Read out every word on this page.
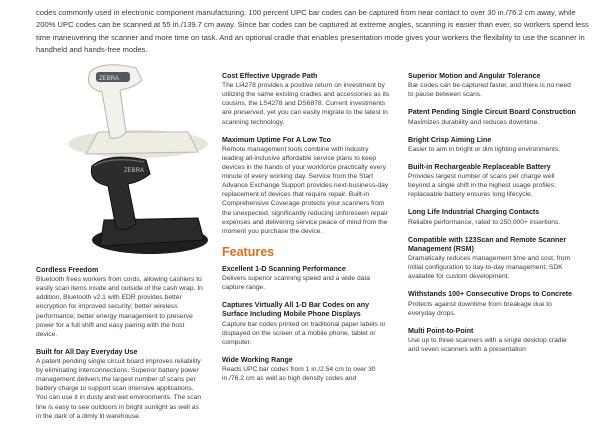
codes commonly used in electronic component manufacturing. 100 percent UPC bar codes can be captured from near contact to over 30 in./76.2 cm away, while 200% UPC codes can be scanned at 55 in./139.7 cm away. Since bar codes can be captured at extreme angles, scanning is easier than ever, so workers spend less time maneuvering the scanner and more time on task. And an optional cradle that enables presentation mode gives your workers the flexibility to use the scanner in handheld and hands-free modes.

ZEBRA
ZEBRA
Cordless Freedom

Bluetooth frees workers from cords, allowing cashiers to easily scan items inside and outside of the cash wrap. In addition, Bluetooth v2.1 with EDR provides better encryption for improved security; better wireless performance; better energy management to preserve power for a full shift and easy pairing with the host device.

Built for All Day Everyday Use

A patent pending single circuit board improves reliability by eliminating interconnections. Superior battery power management delivers the largest number of scans per battery charge to support scan intensive applications. You can use it in dusty and wet environments. The scan line is easy to see outdoors in bright sunlight as well as in the dark of a dimly lit warehouse.

Cost Effective Upgrade Path

The LI4278 provides a positive return on investment by utilizing the same existing cradles and accessories as its cousins, the LS4278 and DS6878. Current investments are preserved, yet you can easily migrate to the latest in scanning technology.

Maximum Uptime For A Low Tco

Remote management tools combine with industry leading all-inclusive affordable service plans to keep devices in the hands of your workforce practically every minute of every working day. Service from the Start Advance Exchange Support provides next-business-day replacement of devices that require repair. Built-in Comprehensive Coverage protects your scanners from the unexpected, significantly reducing unforeseen repair expenses and delivering service peace of mind from the moment you purchase the device.

Features
Excellent 1-D Scanning Performance

Delivers superior scanning speed and a wide data capture range.

Captures Virtually All 1-D Bar Codes on any Surface Including Mobile Phone Displays

Capture bar codes printed on traditional paper labels or displayed on the screen of a mobile phone, tablet or computer.

Wide Working Range

Reads UPC bar codes from 1 in./2.54 cm to over 30 in./76.2 cm as well as high density codes and

Superior Motion and Angular Tolerance

Bar codes can be captured faster, and there is no need to pause between scans.

Patent Pending Single Circuit Board Construction

Maximizes durability and reduces downtime.

Bright Crisp Aiming Line

Easier to aim in bright or dim lighting environments.

Built-in Rechargeable Replaceable Battery

Provides largest number of scans per charge well beyond a single shift in the highest usage profiles; replaceable battery ensures long lifecycle.

Long Life Industrial Charging Contacts

Reliable performance, rated to 250,000+ insertions.

Compatible with 123Scan and Remote Scanner Management (RSM)

Dramatically reduces management time and cost, from initial configuration to day-to-day management; SDK available for custom development.

Withstands 100+ Consecutive Drops to Concrete

Protects against downtime from breakage due to everyday drops.

Multi Point-to-Point

Use up to three scanners with a single desktop cradle and seven scanners with a presentation
